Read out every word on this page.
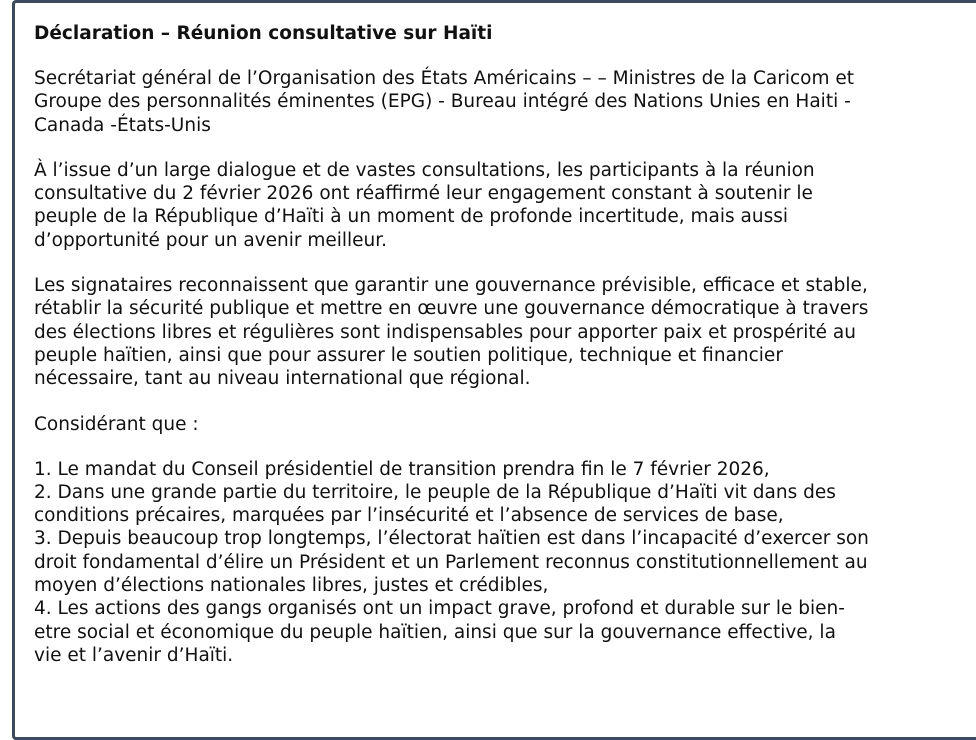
Déclaration – Réunion consultative sur Haïti
Secrétariat général de l’Organisation des États Américains – – Ministres de la Caricom et
Groupe des personnalités éminentes (EPG) - Bureau intégré des Nations Unies en Haiti -
Canada -États-Unis
À l’issue d’un large dialogue et de vastes consultations, les participants à la réunion
consultative du 2 février 2026 ont réaffirmé leur engagement constant à soutenir le
peuple de la République d’Haïti à un moment de profonde incertitude, mais aussi
d’opportunité pour un avenir meilleur.
Les signataires reconnaissent que garantir une gouvernance prévisible, efficace et stable,
rétablir la sécurité publique et mettre en œuvre une gouvernance démocratique à travers
des élections libres et régulières sont indispensables pour apporter paix et prospérité au
peuple haïtien, ainsi que pour assurer le soutien politique, technique et financier
nécessaire, tant au niveau international que régional.
Considérant que :
1. Le mandat du Conseil présidentiel de transition prendra fin le 7 février 2026,
2. Dans une grande partie du territoire, le peuple de la République d’Haïti vit dans des
conditions précaires, marquées par l’insécurité et l’absence de services de base,
3. Depuis beaucoup trop longtemps, l’électorat haïtien est dans l’incapacité d’exercer son
droit fondamental d’élire un Président et un Parlement reconnus constitutionnellement au
moyen d’élections nationales libres, justes et crédibles,
4. Les actions des gangs organisés ont un impact grave, profond et durable sur le bien-
etre social et économique du peuple haïtien, ainsi que sur la gouvernance effective, la
vie et l’avenir d’Haïti.
